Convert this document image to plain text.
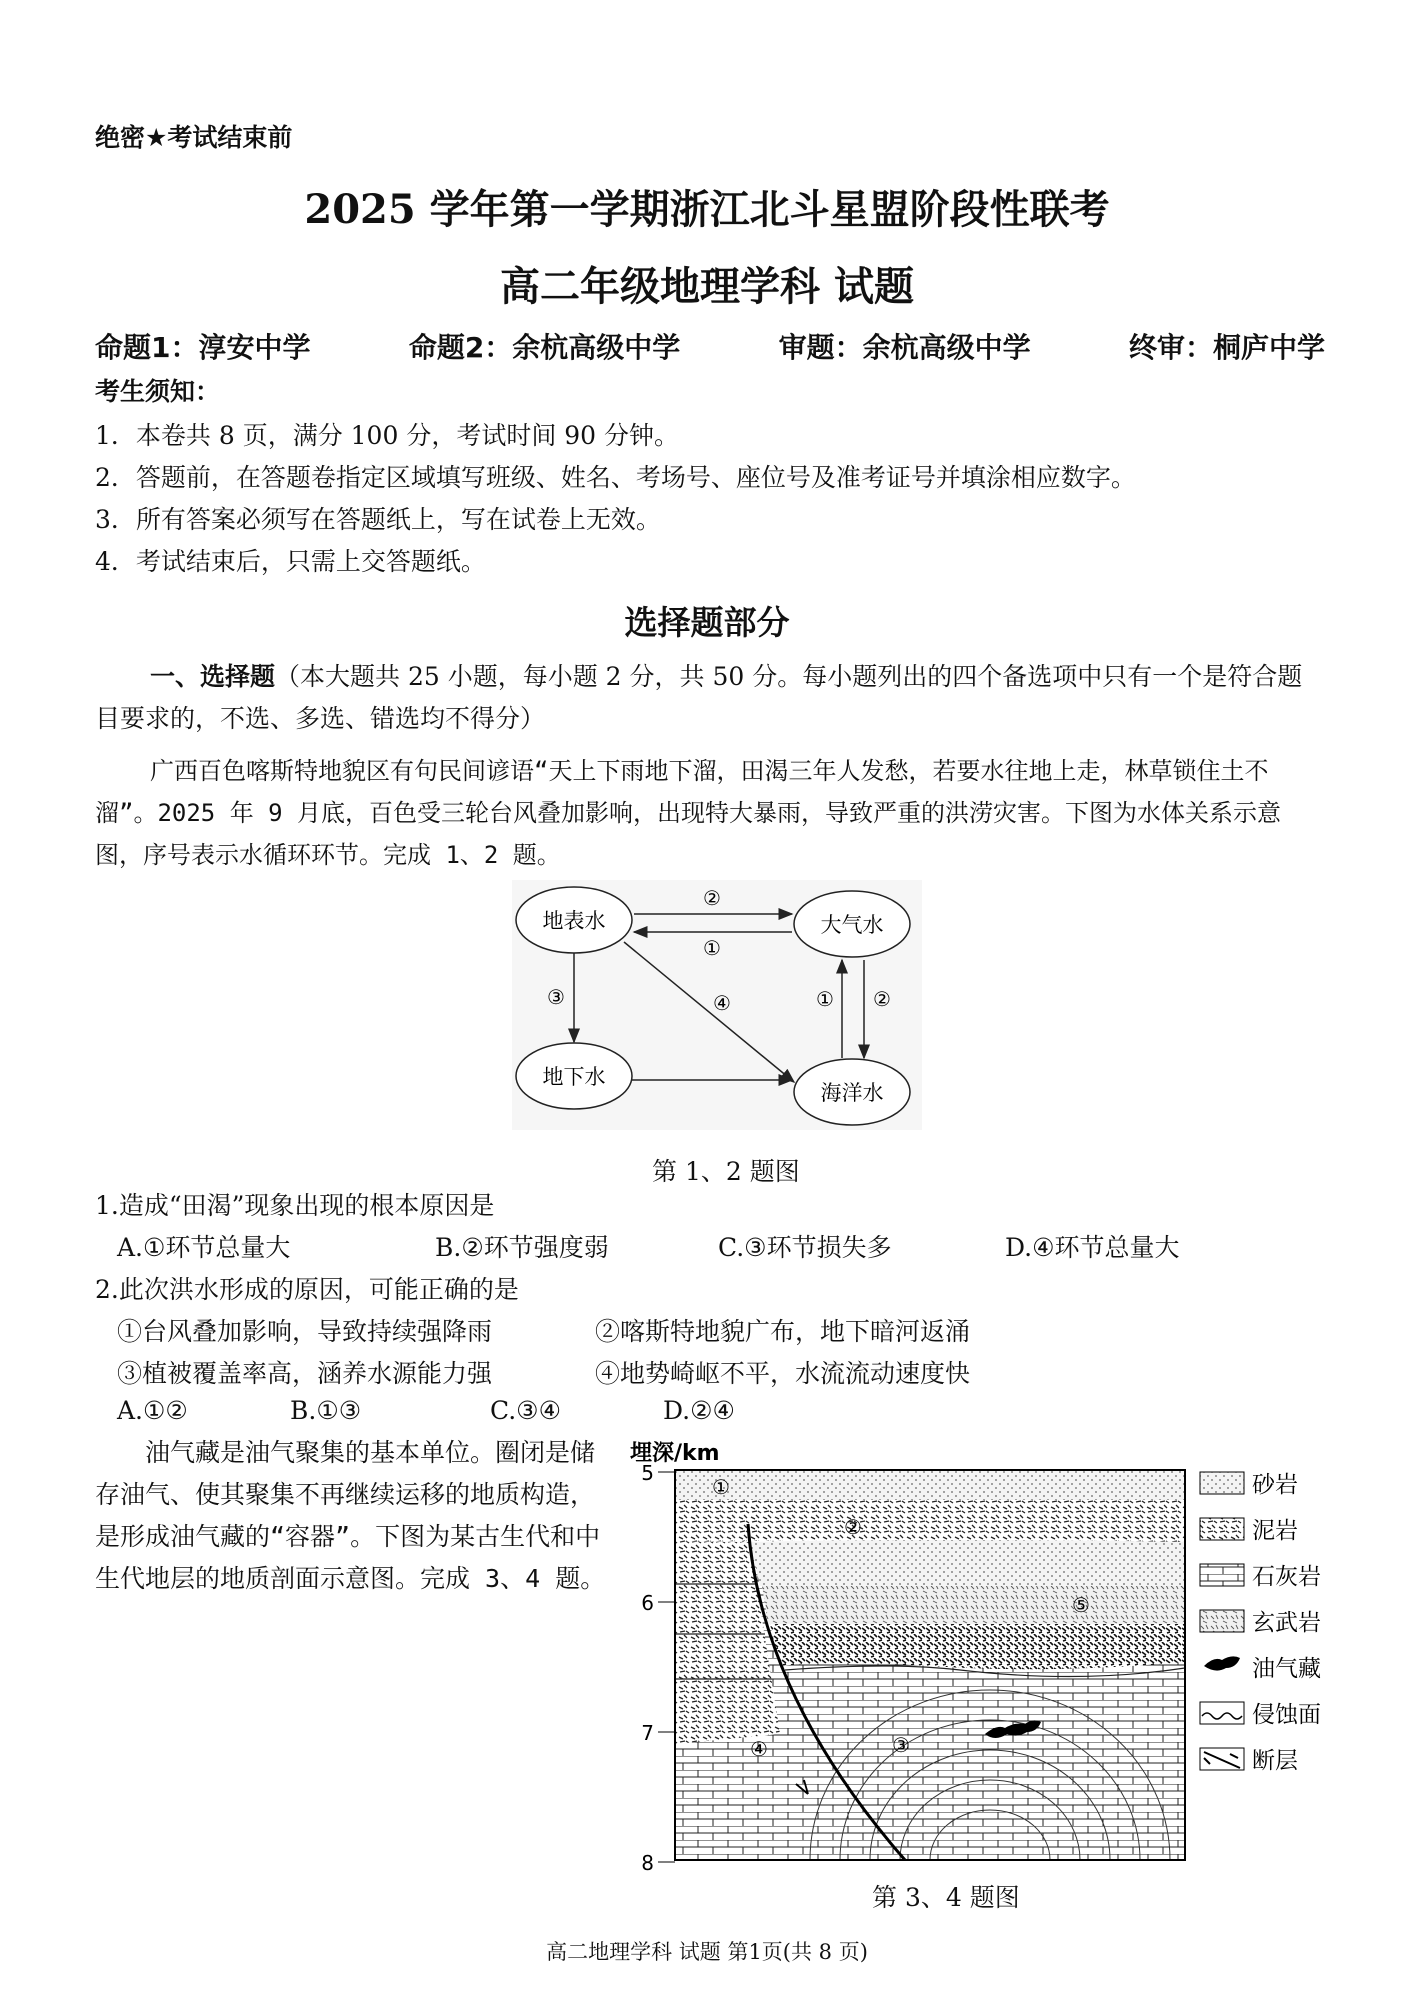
绝密★考试结束前
2025 学年第一学期浙江北斗星盟阶段性联考
高二年级地理学科 试题
命题1：淳安中学	命题2：余杭高级中学	审题：余杭高级中学	终审：桐庐中学
考生须知：
1．本卷共 8 页，满分 100 分，考试时间 90 分钟。
2．答题前，在答题卷指定区域填写班级、姓名、考场号、座位号及准考证号并填涂相应数字。
3．所有答案必须写在答题纸上，写在试卷上无效。
4．考试结束后，只需上交答题纸。
选择题部分
一、选择题（本大题共 25 小题，每小题 2 分，共 50 分。每小题列出的四个备选项中只有一个是符合题目要求的，不选、多选、错选均不得分）
广西百色喀斯特地貌区有句民间谚语“天上下雨地下溜，田渴三年人发愁，若要水往地上走，林草锁住土不溜”。2025 年 9 月底，百色受三轮台风叠加影响，出现特大暴雨，导致严重的洪涝灾害。下图为水体关系示意图，序号表示水循环环节。完成 1、2 题。
地表水	大气水
地下水
海洋水
②
①
③	④	① ②
第 1、2 题图
1.造成“田渴”现象出现的根本原因是
A.①环节总量大	B.②环节强度弱	C.③环节损失多	D.④环节总量大
2.此次洪水形成的原因，可能正确的是
①台风叠加影响，导致持续强降雨	②喀斯特地貌广布，地下暗河返涌
③植被覆盖率高，涵养水源能力强	④地势崎岖不平，水流流动速度快
A.①②	B.①③	C.③④	D.②④
油气藏是油气聚集的基本单位。圈闭是储存油气、使其聚集不再继续运移的地质构造，是形成油气藏的“容器”。下图为某古生代和中生代地层的地质剖面示意图。完成 3、4 题。
埋深/km
5
6
7
8
①
②
③
④
⑤
砂岩
泥岩
石灰岩
玄武岩
油气藏
侵蚀面
断层
第 3、4 题图
高二地理学科 试题 第1页(共 8 页)
